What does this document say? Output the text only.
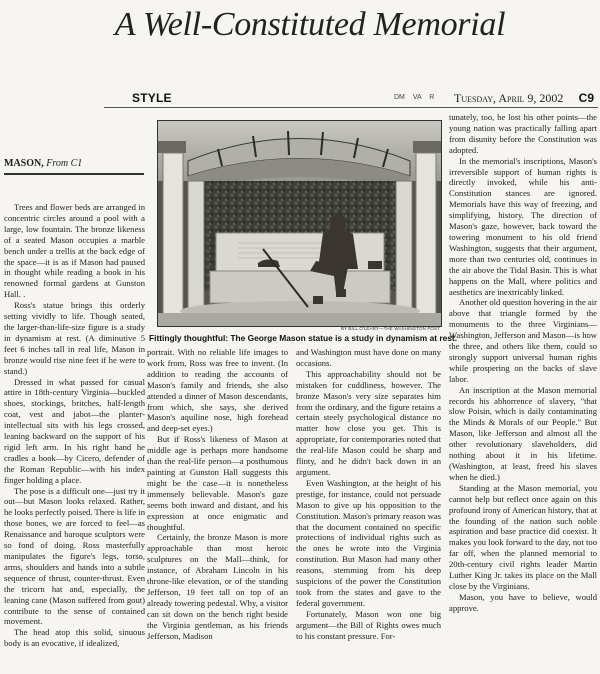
A Well-Constituted Memorial
STYLE	DM VA R Tuesday, April 9, 2002 C9
MASON, From C1
BY BILL O'LEARY—THE WASHINGTON POST
Fittingly thoughtful: The George Mason statue is a study in dynamism at rest.

Trees and flower beds are arranged in concentric circles around a pool with a large, low fountain. The bronze likeness of a seated Mason occupies a marble bench under a trellis at the back edge of the space—it is as if Mason had paused in thought while reading a book in his renowned formal gardens at Gunston Hall. .

Ross's statue brings this orderly setting vividly to life. Though seated, the larger-than-life-size figure is a study in dynamism at rest. (A diminutive 5 feet 6 inches tall in real life, Mason in bronze would rise nine feet if he were to stand.)

Dressed in what passed for casual attire in 18th-century Virginia—buckled shoes, stockings, britches, half-length coat, vest and jabot—the planter-intellectual sits with his legs crossed, leaning backward on the support of his rigid left arm. In his right hand he cradles a book—by Cicero, defender of the Roman Republic—with his index finger holding a place.

The pose is a difficult one—just try it out—but Mason looks relaxed. Rather, he looks perfectly poised. There is life in those bones, we are forced to feel—as Renaissance and baroque sculptors were so fond of doing. Ross masterfully manipulates the figure's legs, torso, arms, shoulders and hands into a subtle sequence of thrust, counter-thrust. Even the tricorn hat and, especially, the leaning cane (Mason suffered from gout) contribute to the sense of contained movement.

The head atop this solid, sinuous body is an evocative, if idealized,

portrait. With no reliable life images to work from, Ross was free to invent. (In addition to reading the accounts of Mason's family and friends, she also attended a dinner of Mason descendants, from which, she says, she derived Mason's aquiline nose, high forehead and deep-set eyes.)

But if Ross's likeness of Mason at middle age is perhaps more handsome than the real-life person—a posthumous painting at Gunston Hall suggests this might be the case—it is nonetheless immensely believable. Mason's gaze seems both inward and distant, and his expression at once enigmatic and thoughtful.

Certainly, the bronze Mason is more approachable than most heroic sculptures on the Mall—think, for instance, of Abraham Lincoln in his throne-like elevation, or of the standing Jefferson, 19 feet tall on top of an already towering pedestal. Why, a visitor can sit down on the bench right beside the Virginia gentleman, as his friends Jefferson, Madison

and Washington must have done on many occasions.

This approachability should not be mistaken for cuddliness, however. The bronze Mason's very size separates him from the ordinary, and the figure retains a certain steely psychological distance no matter how close you get. This is appropriate, for contemporaries noted that the real-life Mason could be sharp and flinty, and he didn't back down in an argument.

Even Washington, at the height of his prestige, for instance, could not persuade Mason to give up his opposition to the Constitution. Mason's primary reason was that the document contained no specific protections of individual rights such as the ones he wrote into the Virginia constitution. But Mason had many other reasons, stemming from his deep suspicions of the power the Constitution took from the states and gave to the federal government.

Fortunately, Mason won one big argument—the Bill of Rights owes much to his constant pressure. For-

tunately, too, he lost his other points—the young nation was practically falling apart from disunity before the Constitution was adopted.

In the memorial's inscriptions, Mason's irreversible support of human rights is directly invoked, while his anti-Constitution stances are ignored. Memorials have this way of freezing, and simplifying, history. The direction of Mason's gaze, however, back toward the towering monument to his old friend Washington, suggests that their argument, more than two centuries old, continues in the air above the Tidal Basin. This is what happens on the Mall, where politics and aesthetics are inextricably linked.

Another old question hovering in the air above that triangle formed by the monuments to the three Virginians—Washington, Jefferson and Mason—is how the three, and others like them, could so strongly support universal human rights while prospering on the backs of slave labor.

An inscription at the Mason memorial records his abhorrence of slavery, "that slow Poisin, which is daily contaminating the Minds & Morals of our People." But Mason, like Jefferson and almost all the other revolutionary slaveholders, did nothing about it in his lifetime. (Washington, at least, freed his slaves when he died.)

Standing at the Mason memorial, you cannot help but reflect once again on this profound irony of American history, that at the founding of the nation such noble aspiration and base practice did coexist. It makes you look forward to the day, not too far off, when the planned memorial to 20th-century civil rights leader Martin Luther King Jr. takes its place on the Mall close by the Virginians.

Mason, you have to believe, would approve.
